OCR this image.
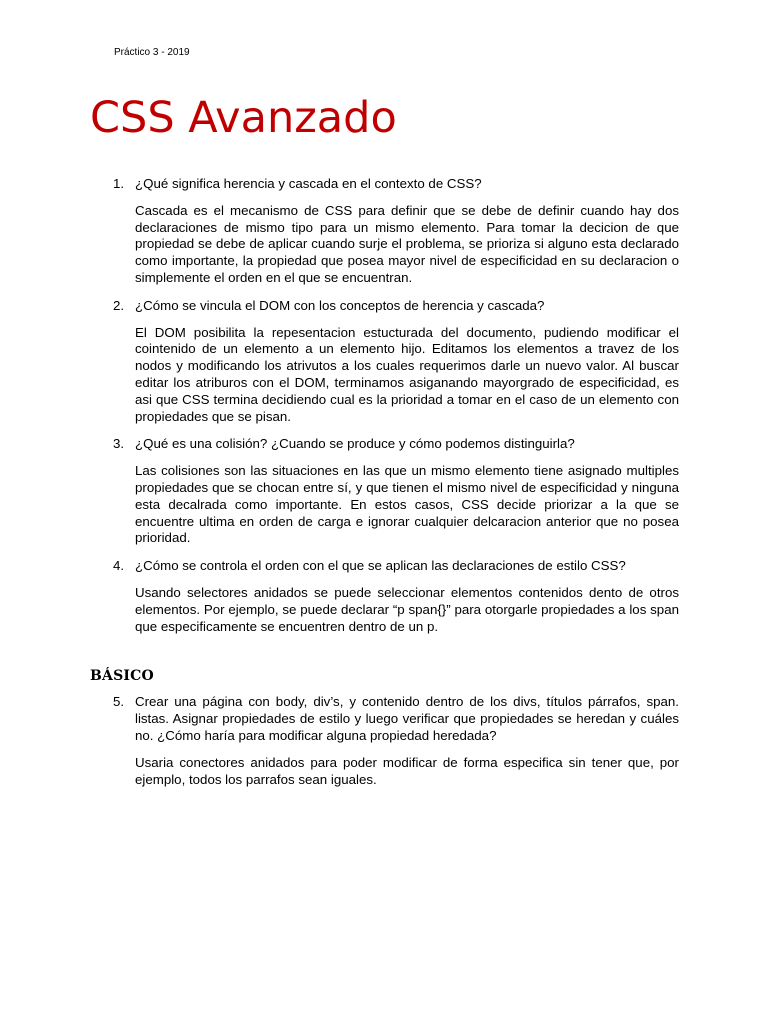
Práctico 3 - 2019
CSS Avanzado
1. ¿Qué significa herencia y cascada en el contexto de CSS?

Cascada es el mecanismo de CSS para definir que se debe de definir cuando hay dos declaraciones de mismo tipo para un mismo elemento. Para tomar la decicion de que propiedad se debe de aplicar cuando surje el problema, se prioriza si alguno esta declarado como importante, la propiedad que posea mayor nivel de especificidad en su declaracion o simplemente el orden en el que se encuentran.

2. ¿Cómo se vincula el DOM con los conceptos de herencia y cascada?

El DOM posibilita la repesentacion estucturada del documento, pudiendo modificar el cointenido de un elemento a un elemento hijo. Editamos los elementos a travez de los nodos y modificando los atrivutos a los cuales requerimos darle un nuevo valor. Al buscar editar los atriburos con el DOM, terminamos asiganando mayorgrado de especificidad, es asi que CSS termina decidiendo cual es la prioridad a tomar en el caso de un elemento con propiedades que se pisan.

3. ¿Qué es una colisión? ¿Cuando se produce y cómo podemos distinguirla?

Las colisiones son las situaciones en las que un mismo elemento tiene asignado multiples propiedades que se chocan entre sí, y que tienen el mismo nivel de especificidad y ninguna esta decalrada como importante. En estos casos, CSS decide priorizar a la que se encuentre ultima en orden de carga e ignorar cualquier delcaracion anterior que no posea prioridad.

4. ¿Cómo se controla el orden con el que se aplican las declaraciones de estilo CSS?

Usando selectores anidados se puede seleccionar elementos contenidos dento de otros elementos. Por ejemplo, se puede declarar “p span{}” para otorgarle propiedades a los span que especificamente se encuentren dentro de un p.

BÁSICO
5. Crear una página con body, div’s, y contenido dentro de los divs, títulos párrafos, span. listas. Asignar propiedades de estilo y luego verificar que propiedades se heredan y cuáles no. ¿Cómo haría para modificar alguna propiedad heredada?

Usaria conectores anidados para poder modificar de forma especifica sin tener que, por ejemplo, todos los parrafos sean iguales.
